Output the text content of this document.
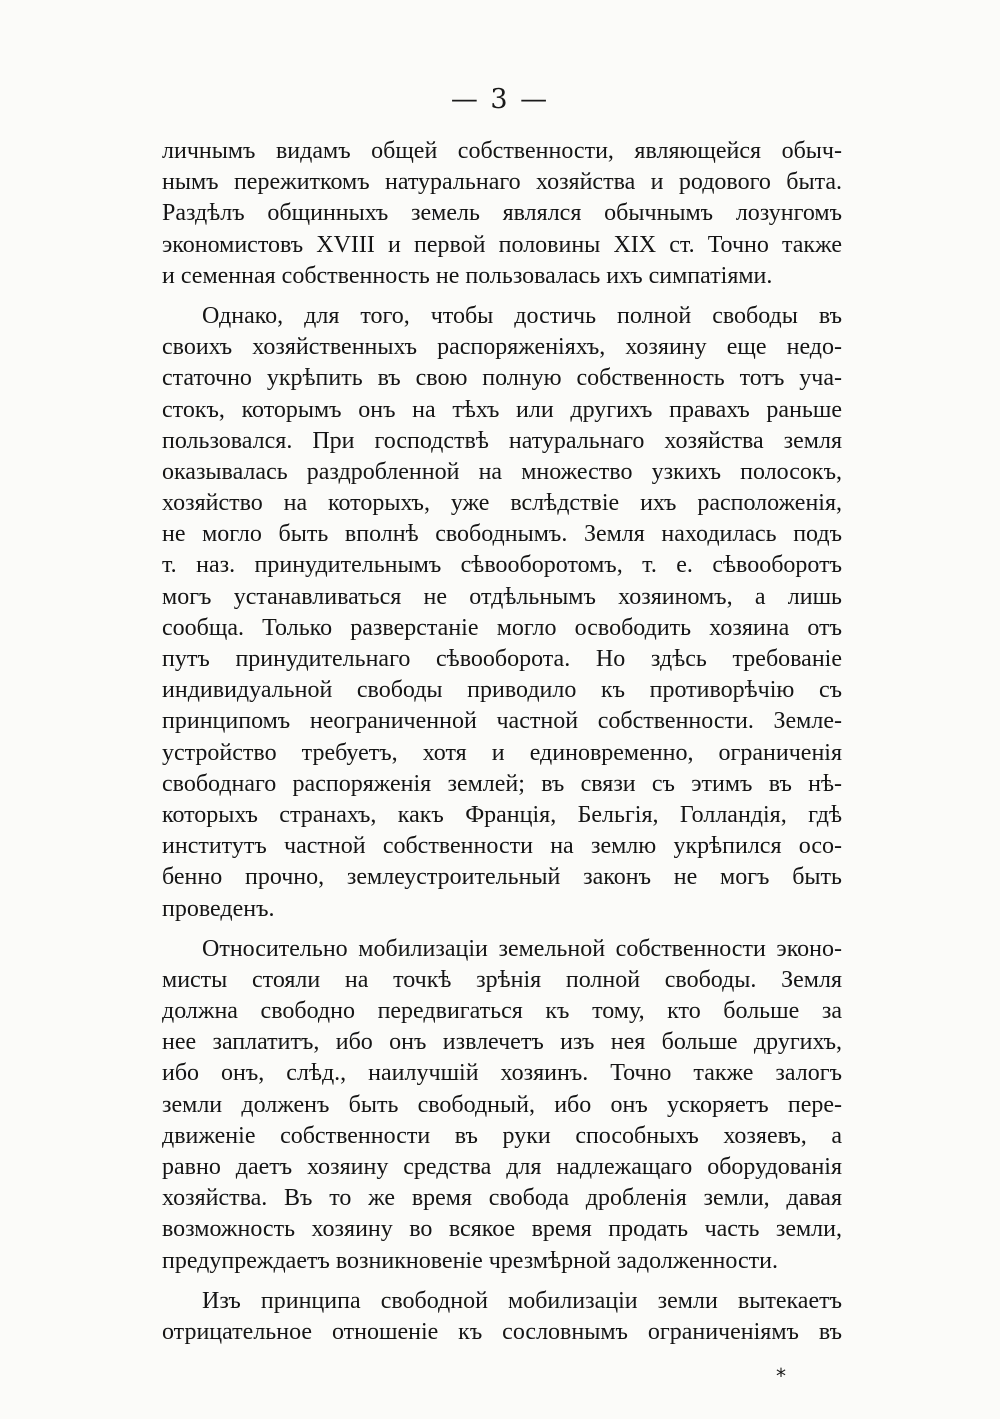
— 3 —
личнымъ видамъ общей собственности, являющейся обыч-
нымъ пережиткомъ натуральнаго хозяйства и родового быта.
Раздѣлъ общинныхъ земель являлся обычнымъ лозунгомъ
экономистовъ XVIII и первой половины XIX ст. Точно также
и семенная собственность не пользовалась ихъ симпатіями.
Однако, для того, чтобы достичь полной свободы въ
своихъ хозяйственныхъ распоряженіяхъ, хозяину еще недо-
статочно укрѣпить въ свою полную собственность тотъ уча-
стокъ, которымъ онъ на тѣхъ или другихъ правахъ раньше
пользовался. При господствѣ натуральнаго хозяйства земля
оказывалась раздробленной на множество узкихъ полосокъ,
хозяйство на которыхъ, уже вслѣдствіе ихъ расположенія,
не могло быть вполнѣ свободнымъ. Земля находилась подъ
т. наз. принудительнымъ сѣвооборотомъ, т. е. сѣвооборотъ
могъ устанавливаться не отдѣльнымъ хозяиномъ, а лишь
сообща. Только разверстаніе могло освободить хозяина отъ
путъ принудительнаго сѣвооборота. Но здѣсь требованіе
индивидуальной свободы приводило къ противорѣчію съ
принципомъ неограниченной частной собственности. Земле-
устройство требуетъ, хотя и единовременно, ограниченія
свободнаго распоряженія землей; въ связи съ этимъ въ нѣ-
которыхъ странахъ, какъ Францiя, Бельгія, Голландія, гдѣ
институтъ частной собственности на землю укрѣпился осо-
бенно прочно, землеустроительный законъ не могъ быть
проведенъ.
Относительно мобилизаціи земельной собственности эконо-
мисты стояли на точкѣ зрѣнія полной свободы. Земля
должна свободно передвигаться къ тому, кто больше за
нее заплатитъ, ибо онъ извлечетъ изъ нея больше другихъ,
ибо онъ, слѣд., наилучшій хозяинъ. Точно также залогъ
земли долженъ быть свободный, ибо онъ ускоряетъ пере-
движеніе собственности въ руки способныхъ хозяевъ, а
равно даетъ хозяину средства для надлежащаго оборудованія
хозяйства. Въ то же время свобода дробленія земли, давая
возможность хозяину во всякое время продать часть земли,
предупреждаетъ возникновеніе чрезмѣрной задолженности.
Изъ принципа свободной мобилизаціи земли вытекаетъ
отрицательное отношеніе къ сословнымъ ограниченіямъ въ
*
